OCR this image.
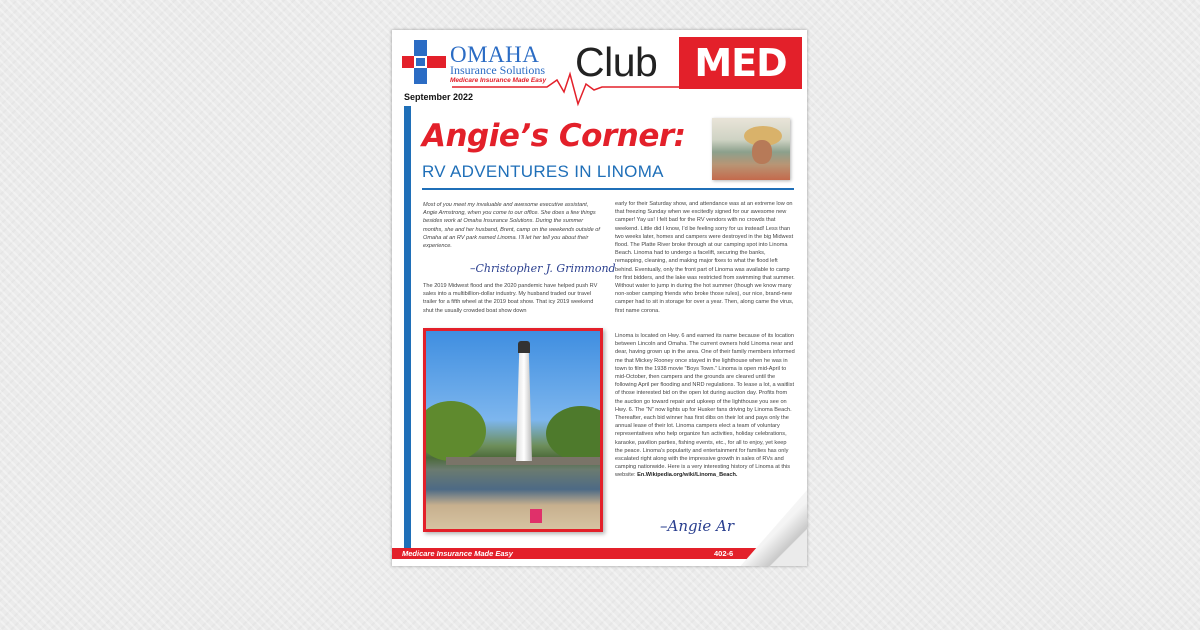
OMAHA
Insurance Solutions
Medicare Insurance Made Easy Club MED
September 2022
Angie’s Corner:
RV ADVENTURES IN LINOMA
Most of you meet my invaluable and awesome executive assistant, Angie Armstrong, when you come to our office. She does a few things besides work at Omaha Insurance Solutions. During the summer months, she and her husband, Brent, camp on the weekends outside of Omaha at an RV park named Linoma. I’ll let her tell you about their experience.
–Christopher J. Grimmond
The 2019 Midwest flood and the 2020 pandemic have helped push RV sales into a multibillion-dollar industry. My husband traded our travel trailer for a fifth wheel at the 2019 boat show. That icy 2019 weekend shut the usually crowded boat show down
early for their Saturday show, and attendance was at an extreme low on that freezing Sunday when we excitedly signed for our awesome new camper! Yay us! I felt bad for the RV vendors with no crowds that weekend. Little did I know, I’d be feeling sorry for us instead! Less than two weeks later, homes and campers were destroyed in the big Midwest flood. The Platte River broke through at our camping spot into Linoma Beach. Linoma had to undergo a facelift, securing the banks, remapping, cleaning, and making major fixes to what the flood left behind. Eventually, only the front part of Linoma was available to camp for first bidders, and the lake was restricted from swimming that summer. Without water to jump in during the hot summer (though we know many non-sober camping friends who broke those rules), our nice, brand-new camper had to sit in storage for over a year. Then, along came the virus, first name corona.
Linoma is located on Hwy. 6 and earned its name because of its location between Lincoln and Omaha. The current owners hold Linoma near and dear, having grown up in the area. One of their family members informed me that Mickey Rooney once stayed in the lighthouse when he was in town to film the 1938 movie “Boys Town.” Linoma is open mid-April to mid-October, then campers and the grounds are cleared until the following April per flooding and NRD regulations. To lease a lot, a waitlist of those interested bid on the open lot during auction day. Profits from the auction go toward repair and upkeep of the lighthouse you see on Hwy. 6. The “N” now lights up for Husker fans driving by Linoma Beach. Thereafter, each bid winner has first dibs on their lot and pays only the annual lease of their lot. Linoma campers elect a team of voluntary representatives who help organize fun activities, holiday celebrations, karaoke, pavilion parties, fishing events, etc., for all to enjoy, yet keep the peace. Linoma’s popularity and entertainment for families has only escalated right along with the impressive growth in sales of RVs and camping nationwide. Here is a very interesting history of Linoma at this website: En.Wikipedia.org/wiki/Linoma_Beach.
–Angie Ar
Medicare Insurance Made Easy	402-6
